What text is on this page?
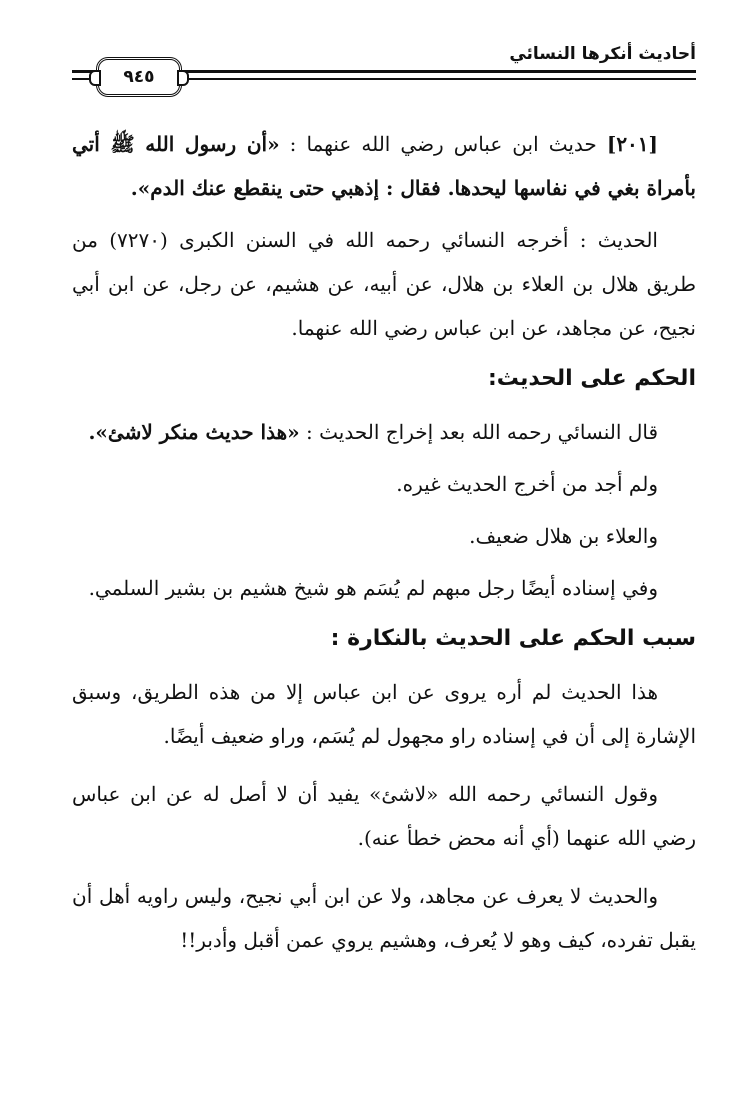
أحاديث أنكرها النسائي
٩٤٥

[٢٠١] حديث ابن عباس رضي الله عنهما : «أن رسول الله ﷺ أتي بأمراة بغي في نفاسها ليحدها. فقال : إذهبي حتى ينقطع عنك الدم».

الحديث : أخرجه النسائي رحمه الله في السنن الكبرى (٧٢٧٠) من طريق هلال بن العلاء بن هلال، عن أبيه، عن هشيم، عن رجل، عن ابن أبي نجيح، عن مجاهد، عن ابن عباس رضي الله عنهما.

الحكم على الحديث:

قال النسائي رحمه الله بعد إخراج الحديث : «هذا حديث منكر لاشئ».

ولم أجد من أخرج الحديث غيره.

والعلاء بن هلال ضعيف.

وفي إسناده أيضًا رجل مبهم لم يُسَم هو شيخ هشيم بن بشير السلمي.

سبب الحكم على الحديث بالنكارة :

هذا الحديث لم أره يروى عن ابن عباس إلا من هذه الطريق، وسبق الإشارة إلى أن في إسناده راو مجهول لم يُسَم، وراو ضعيف أيضًا.

وقول النسائي رحمه الله «لاشئ» يفيد أن لا أصل له عن ابن عباس رضي الله عنهما (أي أنه محض خطأ عنه).

والحديث لا يعرف عن مجاهد، ولا عن ابن أبي نجيح، وليس راويه أهل أن يقبل تفرده، كيف وهو لا يُعرف، وهشيم يروي عمن أقبل وأدبر!!
